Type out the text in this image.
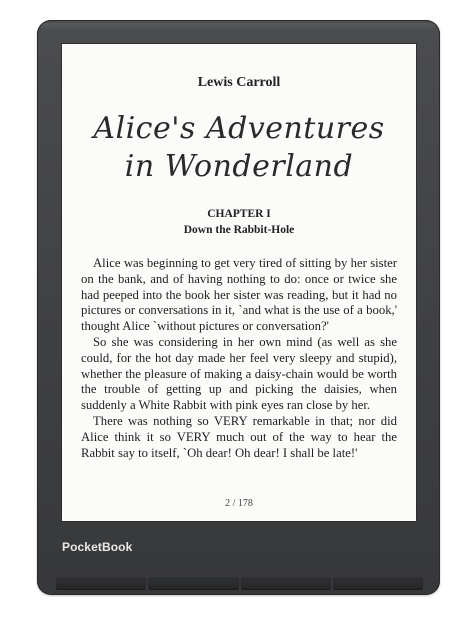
Lewis Carroll
Alice's Adventures
in Wonderland
CHAPTER I
Down the Rabbit-Hole

Alice was beginning to get very tired of sitting by her sister on the bank, and of having nothing to do: once or twice she had peeped into the book her sister was reading, but it had no pictures or conversations in it, `and what is the use of a book,' thought Alice `without pictures or conversation?'

So she was considering in her own mind (as well as she could, for the hot day made her feel very sleepy and stupid), whether the pleasure of making a daisy-chain would be worth the trouble of getting up and picking the daisies, when suddenly a White Rabbit with pink eyes ran close by her.

There was nothing so VERY remarkable in that; nor did Alice think it so VERY much out of the way to hear the Rabbit say to itself, `Oh dear! Oh dear! I shall be late!'

2 / 178
PocketBook
